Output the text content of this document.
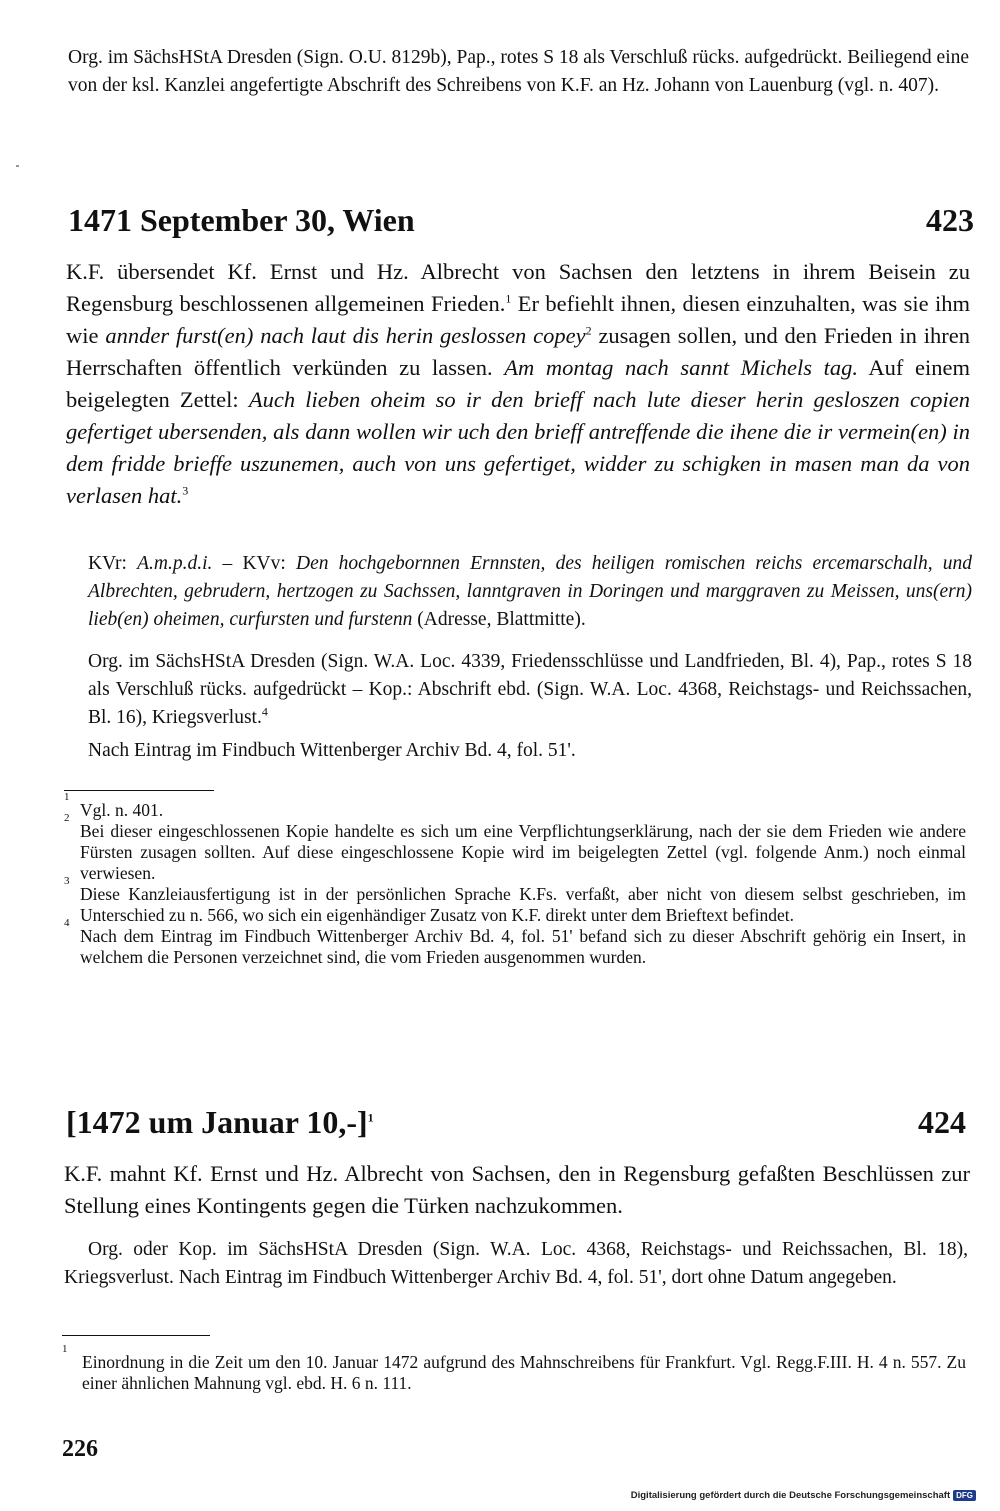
Org. im SächsHStA Dresden (Sign. O.U. 8129b), Pap., rotes S 18 als Verschluß rücks. aufgedrückt. Beiliegend eine von der ksl. Kanzlei angefertigte Abschrift des Schreibens von K.F. an Hz. Johann von Lauenburg (vgl. n. 407).

1471 September 30, Wien	423

K.F. übersendet Kf. Ernst und Hz. Albrecht von Sachsen den letztens in ihrem Beisein zu Regensburg beschlossenen allgemeinen Frieden.$^1$ Er befiehlt ihnen, diesen einzuhalten, was sie ihm wie annder furst(en) nach laut dis herin geslossen copey$^2$ zusagen sollen, und den Frieden in ihren Herrschaften öffentlich verkünden zu lassen. Am montag nach sannt Michels tag. Auf einem beigelegten Zettel: Auch lieben oheim so ir den brieff nach lute dieser herin gesloszen copien gefertiget ubersenden, als dann wollen wir uch den brieff antreffende die ihene die ir vermein(en) in dem fridde brieffe uszunemen, auch von uns gefertiget, widder zu schigken in masen man da von verlasen hat.$^3$

KVr: A.m.p.d.i. – KVv: Den hochgebornnen Ernnsten, des heiligen romischen reichs ercemarschalh, und Albrechten, gebrudern, hertzogen zu Sachssen, lanntgraven in Doringen und marggraven zu Meissen, uns(ern) lieb(en) oheimen, curfursten und furstenn (Adresse, Blattmitte).

Org. im SächsHStA Dresden (Sign. W.A. Loc. 4339, Friedensschlüsse und Landfrieden, Bl. 4), Pap., rotes S 18 als Verschluß rücks. aufgedrückt – Kop.: Abschrift ebd. (Sign. W.A. Loc. 4368, Reichstags- und Reichssachen, Bl. 16), Kriegsverlust.$^4$

Nach Eintrag im Findbuch Wittenberger Archiv Bd. 4, fol. 51'.

1
Vgl. n. 401.

2
Bei dieser eingeschlossenen Kopie handelte es sich um eine Verpflichtungserklärung, nach der sie dem Frieden wie andere Fürsten zusagen sollten. Auf diese eingeschlossene Kopie wird im beigelegten Zettel (vgl. folgende Anm.) noch einmal verwiesen.

3
Diese Kanzleiausfertigung ist in der persönlichen Sprache K.Fs. verfaßt, aber nicht von diesem selbst geschrieben, im Unterschied zu n. 566, wo sich ein eigenhändiger Zusatz von K.F. direkt unter dem Brieftext befindet.

4
Nach dem Eintrag im Findbuch Wittenberger Archiv Bd. 4, fol. 51' befand sich zu dieser Abschrift gehörig ein Insert, in welchem die Personen verzeichnet sind, die vom Frieden ausgenommen wurden.

[1472 um Januar 10,-]$^1$	424

K.F. mahnt Kf. Ernst und Hz. Albrecht von Sachsen, den in Regensburg gefaßten Beschlüssen zur Stellung eines Kontingents gegen die Türken nachzukommen.

Org. oder Kop. im SächsHStA Dresden (Sign. W.A. Loc. 4368, Reichstags- und Reichssachen, Bl. 18), Kriegsverlust. Nach Eintrag im Findbuch Wittenberger Archiv Bd. 4, fol. 51', dort ohne Datum angegeben.

1
Einordnung in die Zeit um den 10. Januar 1472 aufgrund des Mahnschreibens für Frankfurt. Vgl. Regg.F.III. H. 4 n. 557. Zu einer ähnlichen Mahnung vgl. ebd. H. 6 n. 111.

226
Digitalisierung gefördert durch die Deutsche Forschungsgemeinschaft DFG
